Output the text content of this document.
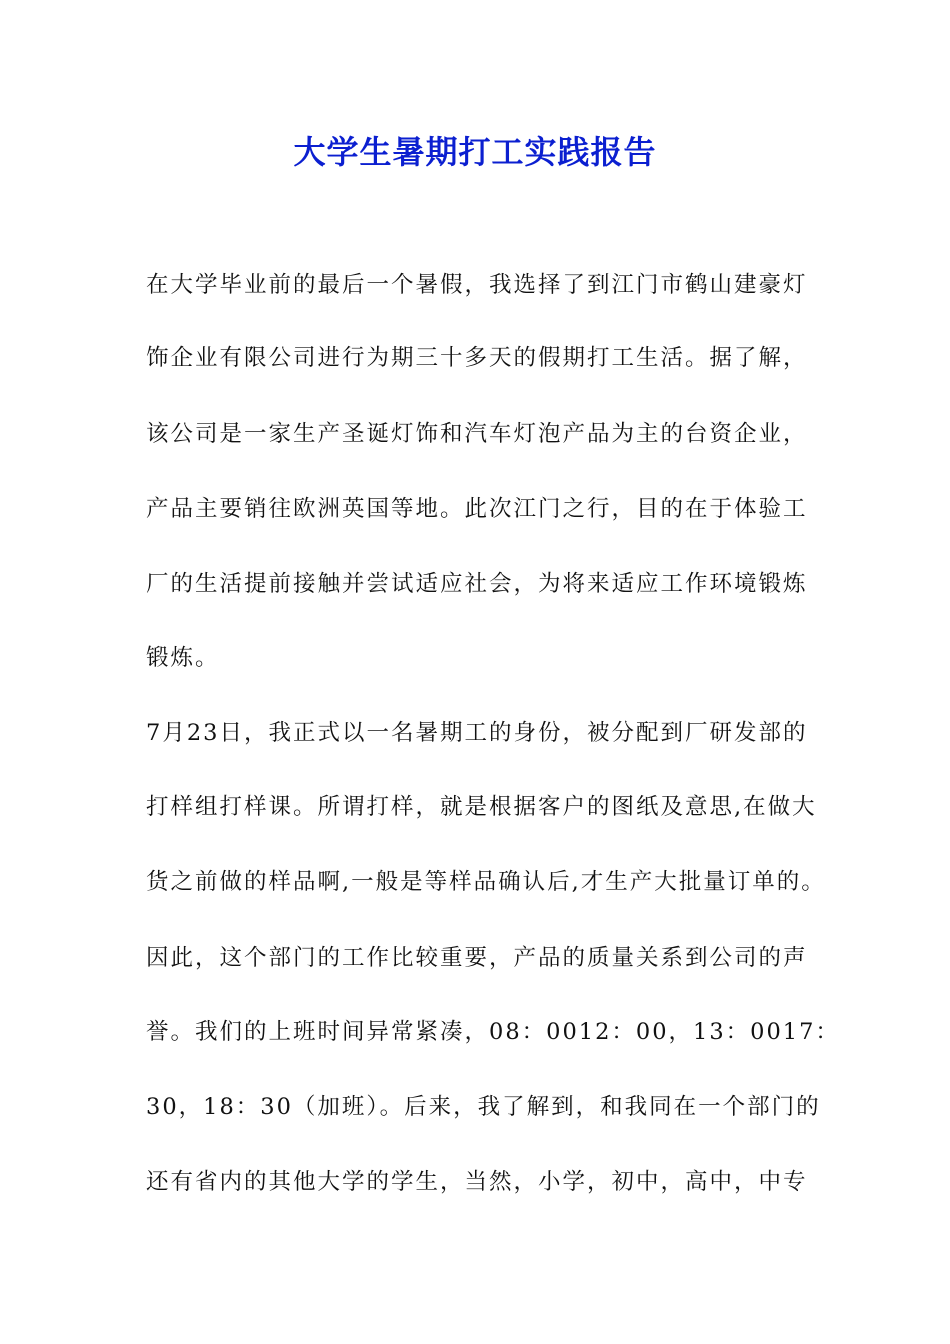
大学生暑期打工实践报告
在大学毕业前的最后一个暑假，我选择了到江门市鹤山建豪灯
饰企业有限公司进行为期三十多天的假期打工生活。据了解，
该公司是一家生产圣诞灯饰和汽车灯泡产品为主的台资企业，
产品主要销往欧洲英国等地。此次江门之行，目的在于体验工
厂的生活提前接触并尝试适应社会，为将来适应工作环境锻炼
锻炼。
7月23日，我正式以一名暑期工的身份，被分配到厂研发部的
打样组打样课。所谓打样，就是根据客户的图纸及意思,在做大
货之前做的样品啊,一般是等样品确认后,才生产大批量订单的。
因此，这个部门的工作比较重要，产品的质量关系到公司的声
誉。我们的上班时间异常紧凑，08：0012：00，13：0017：
30，18：30（加班）。后来，我了解到，和我同在一个部门的
还有省内的其他大学的学生，当然，小学，初中，高中，中专
